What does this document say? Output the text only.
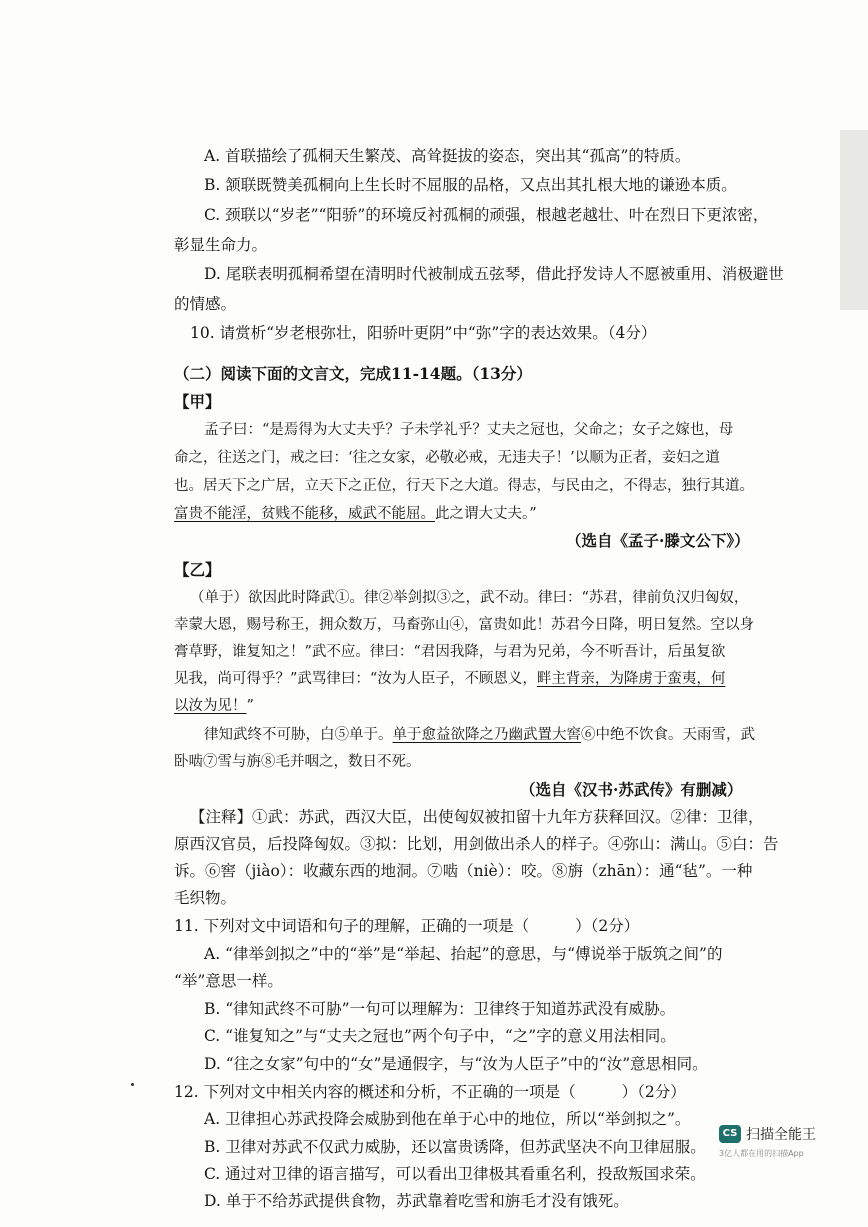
A. 首联描绘了孤桐天生繁茂、高耸挺拔的姿态，突出其“孤高”的特质。
B. 颔联既赞美孤桐向上生长时不屈服的品格，又点出其扎根大地的谦逊本质。
C. 颈联以“岁老”“阳骄”的环境反衬孤桐的顽强，根越老越壮、叶在烈日下更浓密，
彰显生命力。
D. 尾联表明孤桐希望在清明时代被制成五弦琴，借此抒发诗人不愿被重用、消极避世
的情感。
10. 请赏析“岁老根弥壮，阳骄叶更阴”中“弥”字的表达效果。（4分）
（二）阅读下面的文言文，完成11-14题。（13分）
【甲】
孟子曰：“是焉得为大丈夫乎？子未学礼乎？丈夫之冠也，父命之；女子之嫁也，母
命之，往送之门，戒之曰：‘往之女家，必敬必戒，无违夫子！’以顺为正者，妾妇之道
也。居天下之广居，立天下之正位，行天下之大道。得志，与民由之，不得志，独行其道。
富贵不能淫，贫贱不能移，威武不能屈。此之谓大丈夫。”
（选自《孟子·滕文公下》）
【乙】
（单于）欲因此时降武①。律②举剑拟③之，武不动。律曰：“苏君，律前负汉归匈奴，
幸蒙大恩，赐号称王，拥众数万，马畜弥山④，富贵如此！苏君今日降，明日复然。空以身
膏草野，谁复知之！”武不应。律曰：“君因我降，与君为兄弟，今不听吾计，后虽复欲
见我，尚可得乎？”武骂律曰：“汝为人臣子，不顾恩义，畔主背亲，为降虏于蛮夷，何
以汝为见！”
律知武终不可胁，白⑤单于。单于愈益欲降之乃幽武置大窖⑥中绝不饮食。天雨雪，武
卧啮⑦雪与旃⑧毛并咽之，数日不死。
（选自《汉书·苏武传》有删减）
【注释】①武：苏武，西汉大臣，出使匈奴被扣留十九年方获释回汉。②律：卫律，
原西汉官员，后投降匈奴。③拟：比划，用剑做出杀人的样子。④弥山：满山。⑤白：告
诉。⑥窖（jiào）：收藏东西的地洞。⑦啮（niè）：咬。⑧旃（zhān）：通“毡”。一种
毛织物。
11. 下列对文中词语和句子的理解，正确的一项是（	）（2分）
A. “律举剑拟之”中的“举”是“举起、抬起”的意思，与“傅说举于版筑之间”的
“举”意思一样。
B. “律知武终不可胁”一句可以理解为：卫律终于知道苏武没有威胁。
C. “谁复知之”与“丈夫之冠也”两个句子中，“之”字的意义用法相同。
D. “往之女家”句中的“女”是通假字，与“汝为人臣子”中的“汝”意思相同。
12. 下列对文中相关内容的概述和分析，不正确的一项是（	）（2分）
A. 卫律担心苏武投降会威胁到他在单于心中的地位，所以“举剑拟之”。
B. 卫律对苏武不仅武力威胁，还以富贵诱降，但苏武坚决不向卫律屈服。
C. 通过对卫律的语言描写，可以看出卫律极其看重名利，投敌叛国求荣。
D. 单于不给苏武提供食物，苏武靠着吃雪和旃毛才没有饿死。
CS 扫描全能王
3亿人都在用的扫描App
